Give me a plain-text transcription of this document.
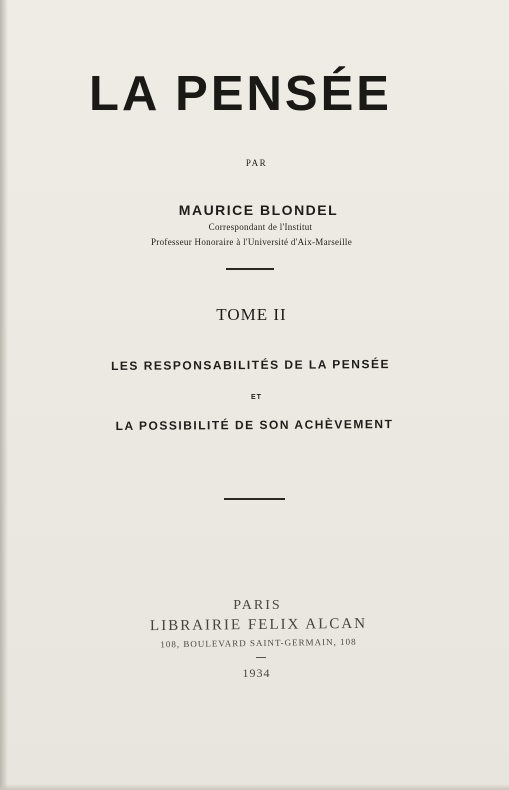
LA PENSÉE
PAR
MAURICE BLONDEL
Correspondant de l'Institut
Professeur Honoraire à l'Université d'Aix-Marseille
TOME II
LES RESPONSABILITÉS DE LA PENSÉE
ET
LA POSSIBILITÉ DE SON ACHÈVEMENT
PARIS
LIBRAIRIE FELIX ALCAN
108, BOULEVARD SAINT-GERMAIN, 108
1934
